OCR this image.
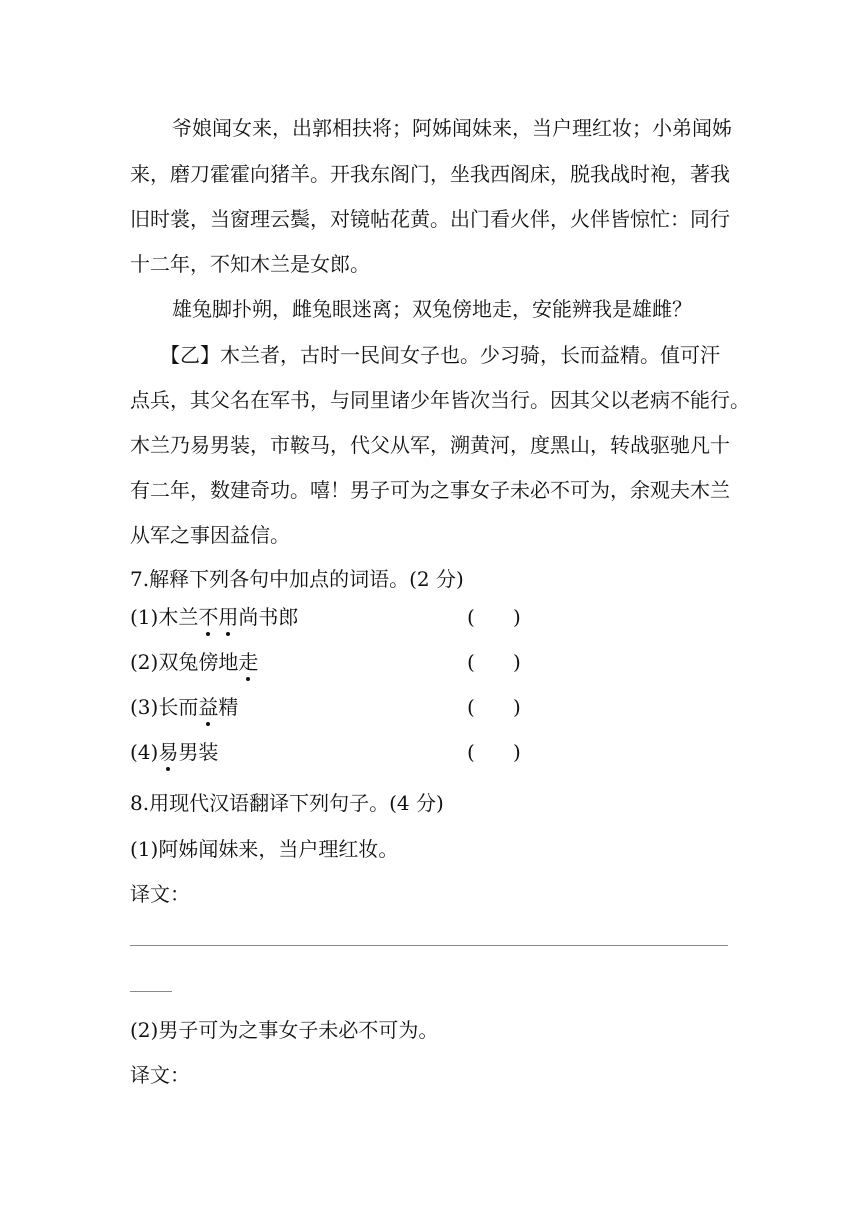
爷娘闻女来，出郭相扶将；阿姊闻妹来，当户理红妆；小弟闻姊
来，磨刀霍霍向猪羊。开我东阁门，坐我西阁床，脱我战时袍，著我
旧时裳，当窗理云鬓，对镜帖花黄。出门看火伴，火伴皆惊忙：同行
十二年，不知木兰是女郎。
雄兔脚扑朔，雌兔眼迷离；双兔傍地走，安能辨我是雄雌？
【乙】木兰者，古时一民间女子也。少习骑，长而益精。值可汗
点兵，其父名在军书，与同里诸少年皆次当行。因其父以老病不能行。
木兰乃易男装，市鞍马，代父从军，溯黄河，度黑山，转战驱驰凡十
有二年，数建奇功。嘻！男子可为之事女子未必不可为，余观夫木兰
从军之事因益信。
7.解释下列各句中加点的词语。(2 分)
(1)木兰不用尚书郎	(      )
(2)双兔傍地走	(      )
(3)长而益精	(      )
(4)易男装	(      )
8.用现代汉语翻译下列句子。(4 分)
(1)阿姊闻妹来，当户理红妆。
译文：
(2)男子可为之事女子未必不可为。
译文：
